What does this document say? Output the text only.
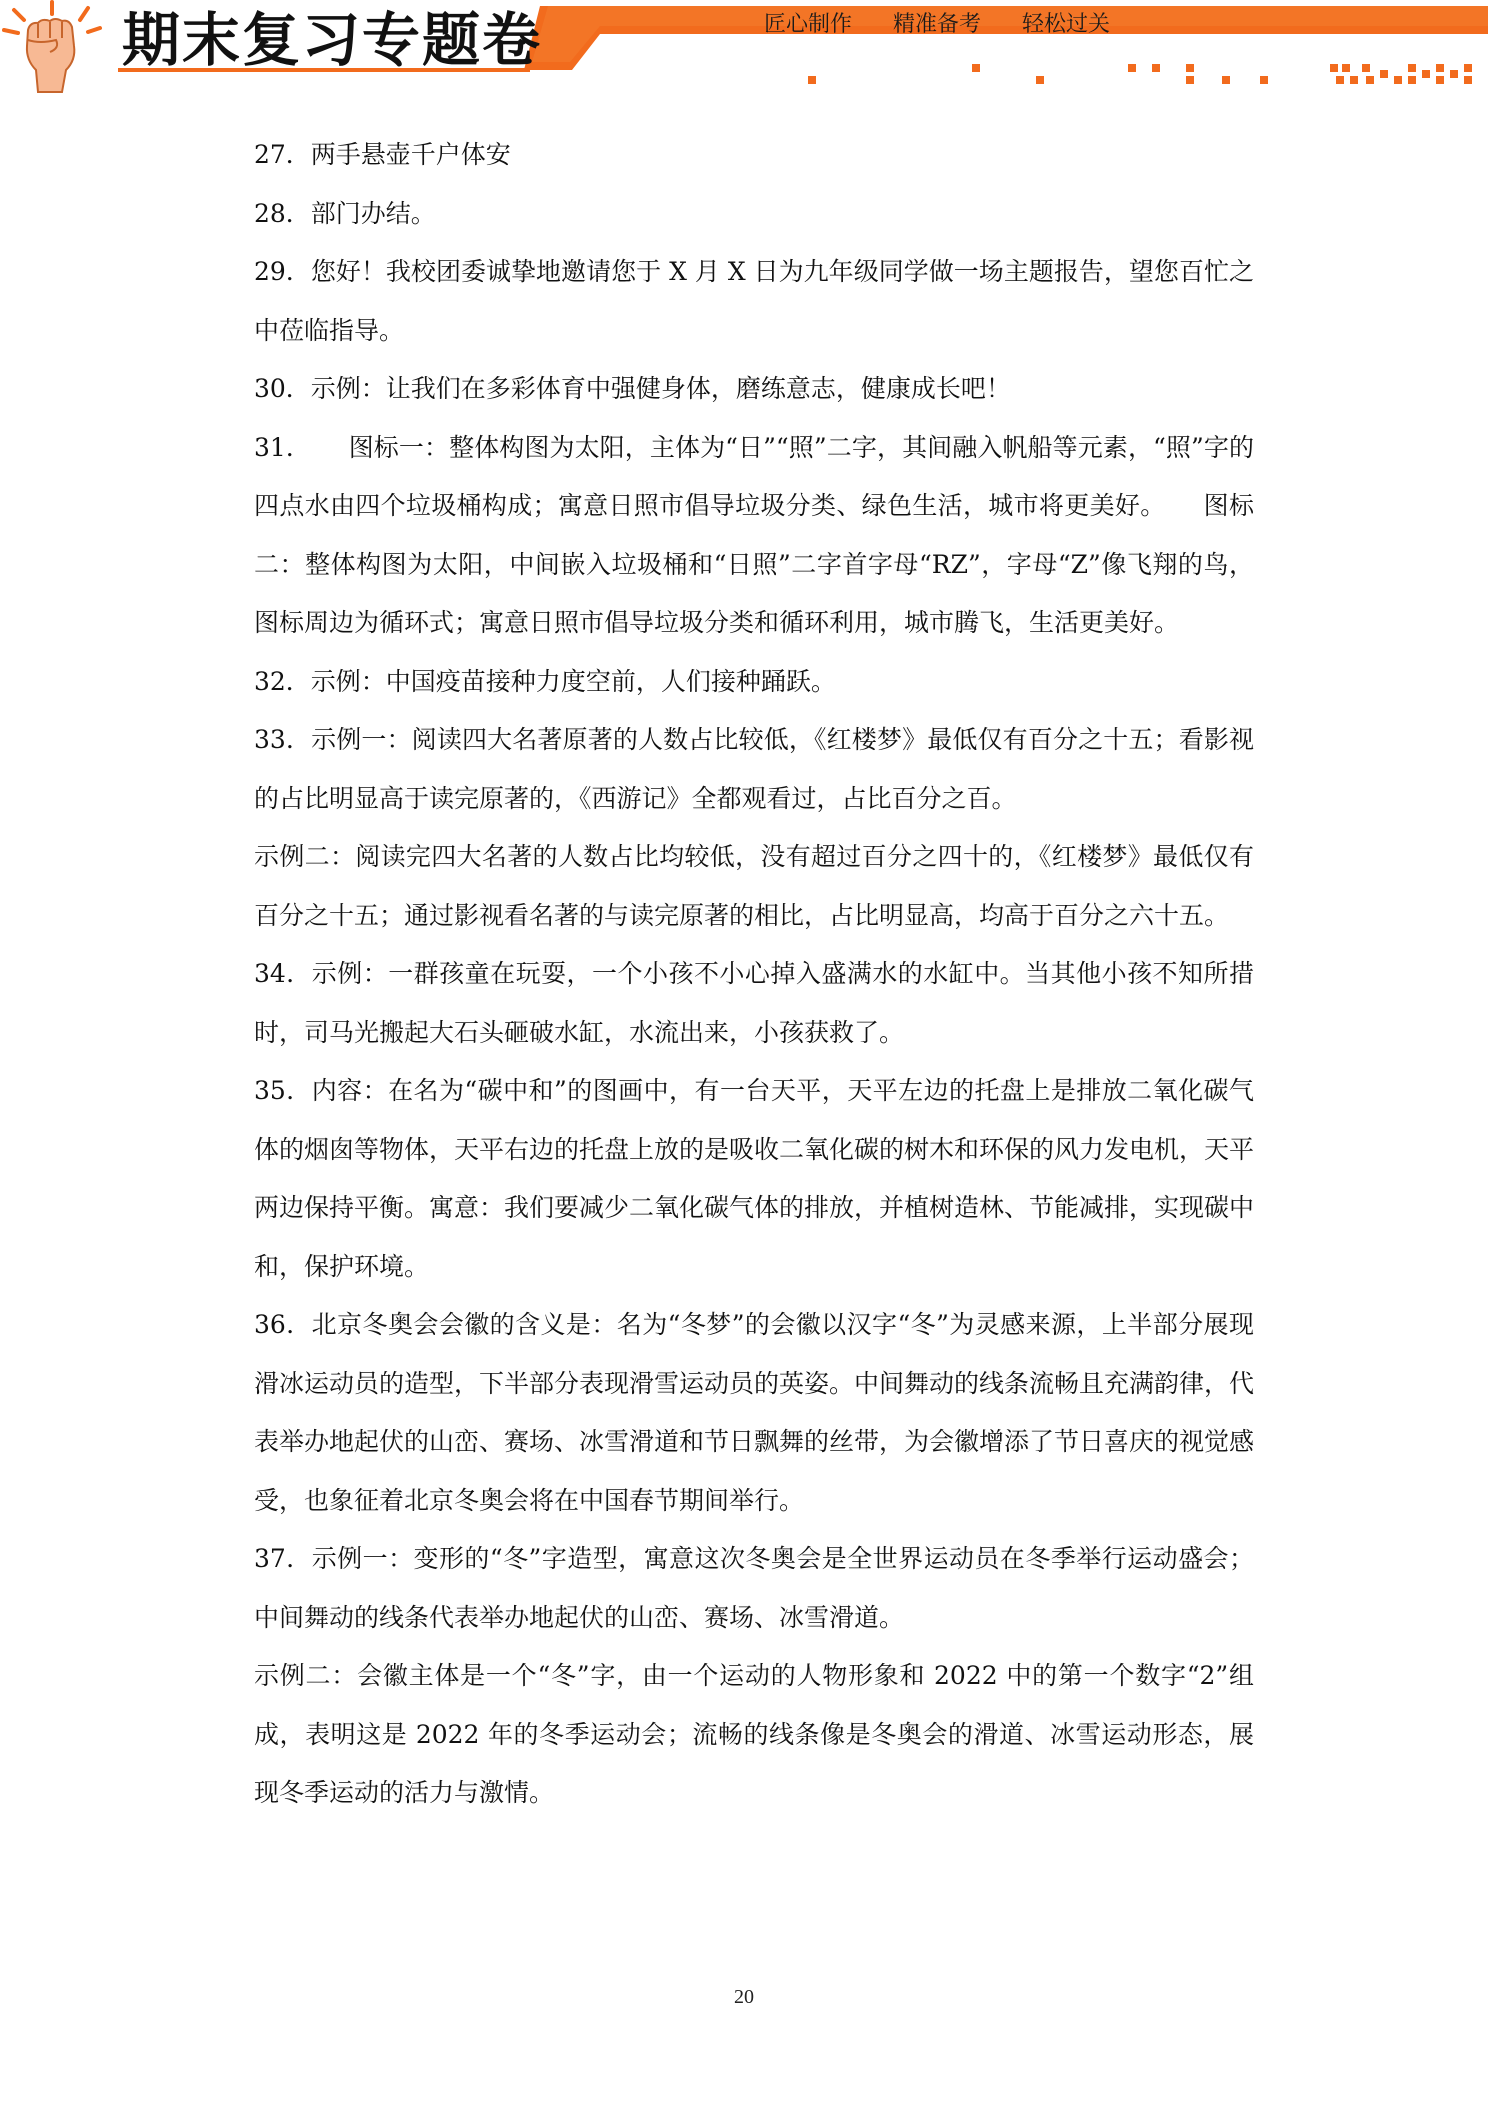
期末复习专题卷	匠心制作 精准备考 轻松过关

27．两手悬壶千户体安

28．部门办结。

29．您好！我校团委诚挚地邀请您于 X 月 X 日为九年级同学做一场主题报告，望您百忙之中莅临指导。

30．示例：让我们在多彩体育中强健身体，磨练意志，健康成长吧！

31．　　图标一：整体构图为太阳，主体为“日”“照”二字，其间融入帆船等元素，“照”字的四点水由四个垃圾桶构成；寓意日照市倡导垃圾分类、绿色生活，城市将更美好。　　图标二：整体构图为太阳，中间嵌入垃圾桶和“日照”二字首字母“RZ”，字母“Z”像飞翔的鸟，图标周边为循环式；寓意日照市倡导垃圾分类和循环利用，城市腾飞，生活更美好。

32．示例：中国疫苗接种力度空前，人们接种踊跃。

33．示例一：阅读四大名著原著的人数占比较低，《红楼梦》最低仅有百分之十五；看影视的占比明显高于读完原著的，《西游记》全都观看过，占比百分之百。

示例二：阅读完四大名著的人数占比均较低，没有超过百分之四十的，《红楼梦》最低仅有百分之十五；通过影视看名著的与读完原著的相比，占比明显高，均高于百分之六十五。

34．示例：一群孩童在玩耍，一个小孩不小心掉入盛满水的水缸中。当其他小孩不知所措时，司马光搬起大石头砸破水缸，水流出来，小孩获救了。

35．内容：在名为“碳中和”的图画中，有一台天平，天平左边的托盘上是排放二氧化碳气体的烟囱等物体，天平右边的托盘上放的是吸收二氧化碳的树木和环保的风力发电机，天平两边保持平衡。寓意：我们要减少二氧化碳气体的排放，并植树造林、节能减排，实现碳中和，保护环境。

36．北京冬奥会会徽的含义是：名为“冬梦”的会徽以汉字“冬”为灵感来源，上半部分展现滑冰运动员的造型，下半部分表现滑雪运动员的英姿。中间舞动的线条流畅且充满韵律，代表举办地起伏的山峦、赛场、冰雪滑道和节日飘舞的丝带，为会徽增添了节日喜庆的视觉感受，也象征着北京冬奥会将在中国春节期间举行。

37．示例一：变形的“冬”字造型，寓意这次冬奥会是全世界运动员在冬季举行运动盛会；中间舞动的线条代表举办地起伏的山峦、赛场、冰雪滑道。

示例二：会徽主体是一个“冬”字，由一个运动的人物形象和 2022 中的第一个数字“2”组成，表明这是 2022 年的冬季运动会；流畅的线条像是冬奥会的滑道、冰雪运动形态，展现冬季运动的活力与激情。

20
